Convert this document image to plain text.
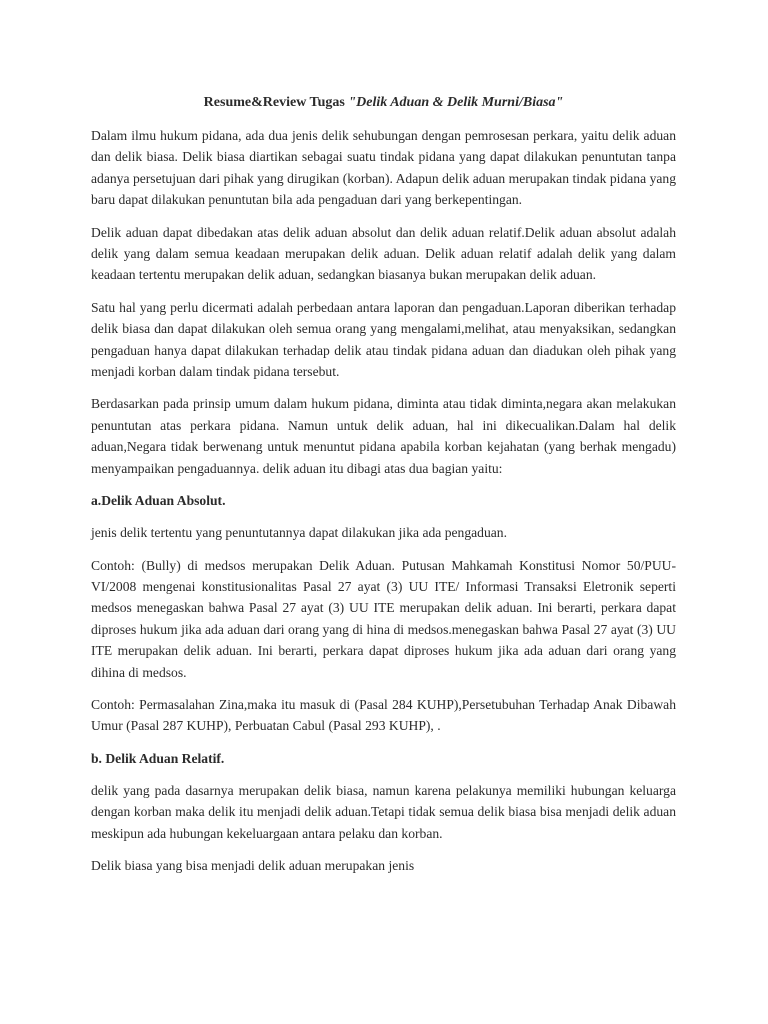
Resume&Review Tugas "Delik Aduan & Delik Murni/Biasa"

Dalam ilmu hukum pidana, ada dua jenis delik sehubungan dengan pemrosesan perkara, yaitu delik aduan dan delik biasa. Delik biasa diartikan sebagai suatu tindak pidana yang dapat dilakukan penuntutan tanpa adanya persetujuan dari pihak yang dirugikan (korban). Adapun delik aduan merupakan tindak pidana yang baru dapat dilakukan penuntutan bila ada pengaduan dari yang berkepentingan.

Delik aduan dapat dibedakan atas delik aduan absolut dan delik aduan relatif.Delik aduan absolut adalah delik yang dalam semua keadaan merupakan delik aduan. Delik aduan relatif adalah delik yang dalam keadaan tertentu merupakan delik aduan, sedangkan biasanya bukan merupakan delik aduan.

Satu hal yang perlu dicermati adalah perbedaan antara laporan dan pengaduan.Laporan diberikan terhadap delik biasa dan dapat dilakukan oleh semua orang yang mengalami,melihat, atau menyaksikan, sedangkan pengaduan hanya dapat dilakukan terhadap delik atau tindak pidana aduan dan diadukan oleh pihak yang menjadi korban dalam tindak pidana tersebut.

Berdasarkan pada prinsip umum dalam hukum pidana, diminta atau tidak diminta,negara akan melakukan penuntutan atas perkara pidana. Namun untuk delik aduan, hal ini dikecualikan.Dalam hal delik aduan,Negara tidak berwenang untuk menuntut pidana apabila korban kejahatan (yang berhak mengadu) menyampaikan pengaduannya. delik aduan itu dibagi atas dua bagian yaitu:

a.Delik Aduan Absolut.

jenis delik tertentu yang penuntutannya dapat dilakukan jika ada pengaduan.

Contoh: (Bully) di medsos merupakan Delik Aduan. Putusan Mahkamah Konstitusi Nomor 50/PUU-VI/2008 mengenai konstitusionalitas Pasal 27 ayat (3) UU ITE/ Informasi Transaksi Eletronik seperti medsos menegaskan bahwa Pasal 27 ayat (3) UU ITE merupakan delik aduan. Ini berarti, perkara dapat diproses hukum jika ada aduan dari orang yang di hina di medsos.menegaskan bahwa Pasal 27 ayat (3) UU ITE merupakan delik aduan. Ini berarti, perkara dapat diproses hukum jika ada aduan dari orang yang dihina di medsos.

Contoh: Permasalahan Zina,maka itu masuk di (Pasal 284 KUHP),Persetubuhan Terhadap Anak Dibawah Umur (Pasal 287 KUHP), Perbuatan Cabul (Pasal 293 KUHP), .

b. Delik Aduan Relatif.

delik yang pada dasarnya merupakan delik biasa, namun karena pelakunya memiliki hubungan keluarga dengan korban maka delik itu menjadi delik aduan.Tetapi tidak semua delik biasa bisa menjadi delik aduan meskipun ada hubungan kekeluargaan antara pelaku dan korban.

Delik biasa yang bisa menjadi delik aduan merupakan jenis
